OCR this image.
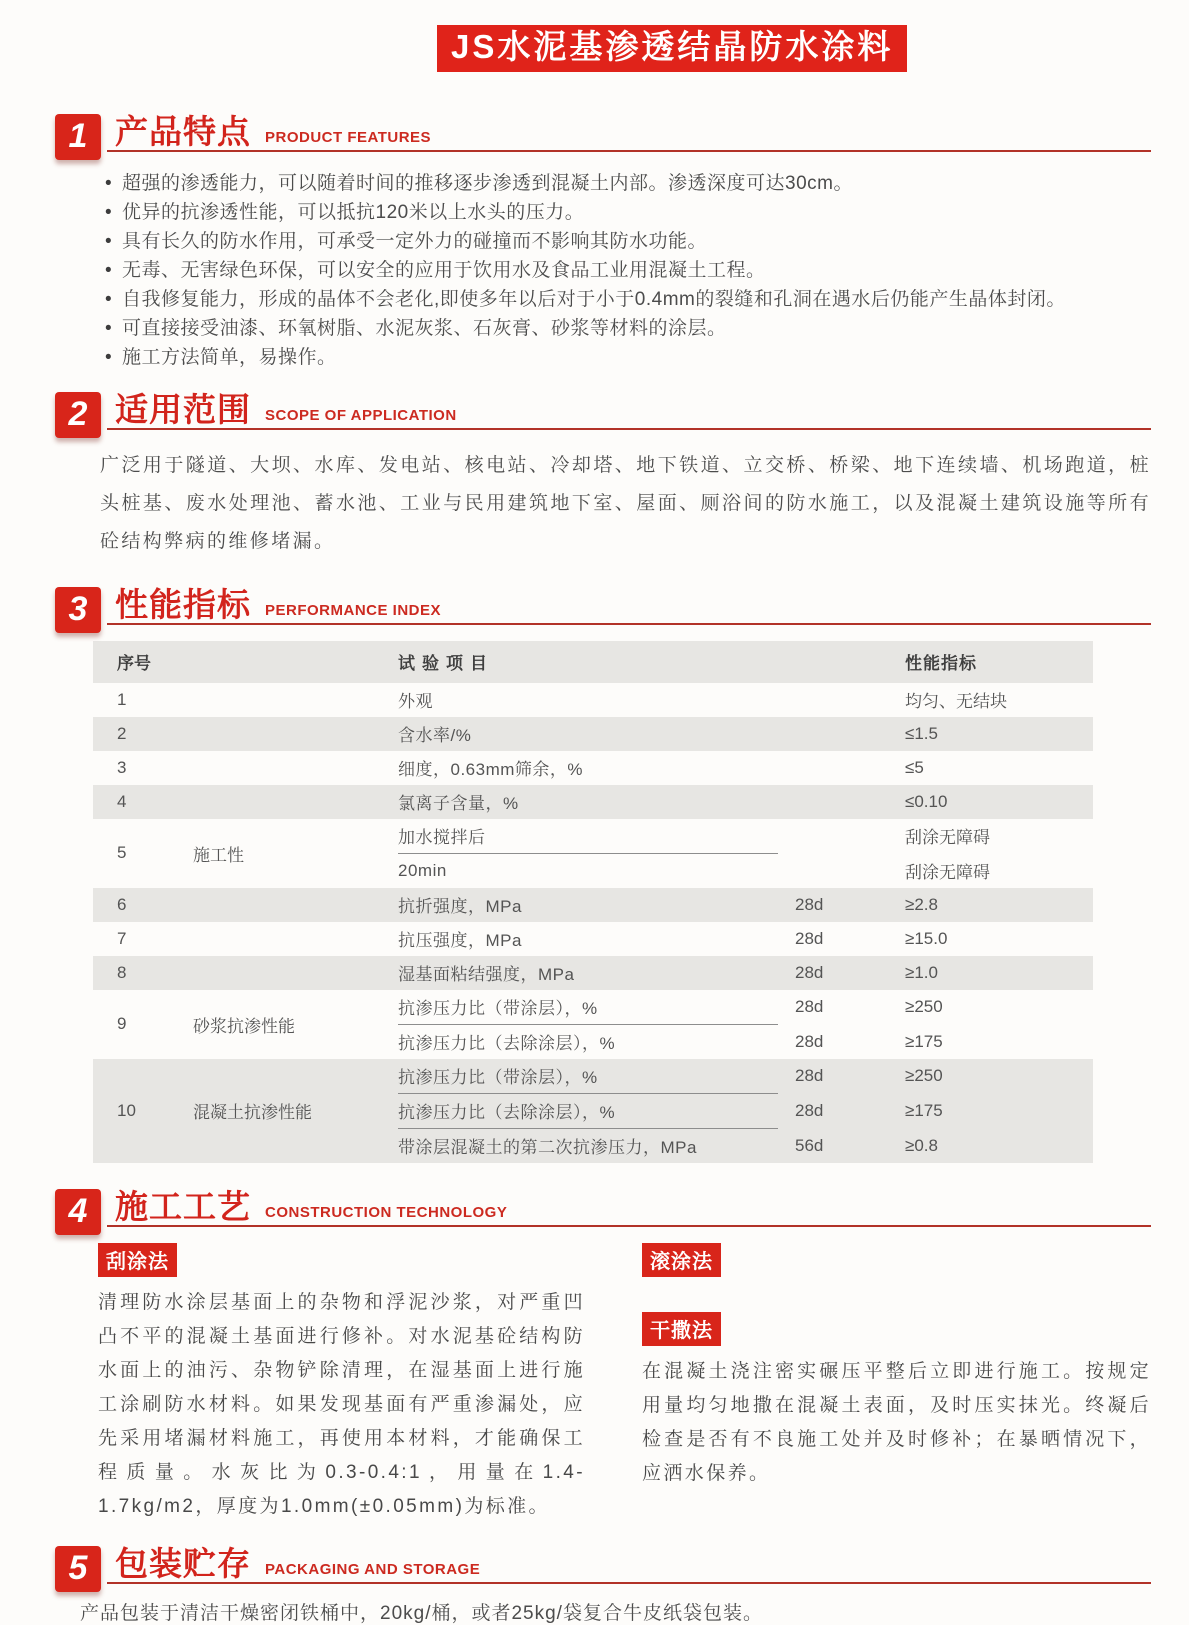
JS水泥基渗透结晶防水涂料
1 产品特点 PRODUCT FEATURES
• 超强的渗透能力，可以随着时间的推移逐步渗透到混凝土内部。渗透深度可达30cm。
• 优异的抗渗透性能，可以抵抗120米以上水头的压力。
• 具有长久的防水作用，可承受一定外力的碰撞而不影响其防水功能。
• 无毒、无害绿色环保，可以安全的应用于饮用水及食品工业用混凝土工程。
• 自我修复能力，形成的晶体不会老化,即使多年以后对于小于0.4mm的裂缝和孔洞在遇水后仍能产生晶体封闭。
• 可直接接受油漆、环氧树脂、水泥灰浆、石灰膏、砂浆等材料的涂层。
• 施工方法简单，易操作。
2 适用范围 SCOPE OF APPLICATION

广泛用于隧道、大坝、水库、发电站、核电站、冷却塔、地下铁道、立交桥、桥梁、地下连续墙、机场跑道，桩头桩基、废水处理池、蓄水池、工业与民用建筑地下室、屋面、厕浴间的防水施工，以及混凝土建筑设施等所有砼结构弊病的维修堵漏。

3 性能指标 PERFORMANCE INDEX
序号	试验项目	性能指标
1	外观	均匀、无结块
2	含水率/%	≤1.5
3	细度，0.63mm筛余，%	≤5
4	氯离子含量，%	≤0.10
5	施工性
加水搅拌后	刮涂无障碍
20min	刮涂无障碍
6	抗折强度，MPa	28d	≥2.8
7	抗压强度，MPa	28d	≥15.0
8	湿基面粘结强度，MPa	28d	≥1.0
9	砂浆抗渗性能
抗渗压力比（带涂层），%	28d	≥250
抗渗压力比（去除涂层），%	28d	≥175
10	混凝土抗渗性能
抗渗压力比（带涂层），%	28d	≥250
抗渗压力比（去除涂层），%	28d	≥175
带涂层混凝土的第二次抗渗压力，MPa	56d	≥0.8
4 施工工艺 CONSTRUCTION TECHNOLOGY
刮涂法

清理防水涂层基面上的杂物和浮泥沙浆，对严重凹凸不平的混凝土基面进行修补。对水泥基砼结构防水面上的油污、杂物铲除清理，在湿基面上进行施工涂刷防水材料。如果发现基面有严重渗漏处，应先采用堵漏材料施工，再使用本材料，才能确保工程质量。水灰比为0.3-0.4:1，用量在1.4-1.7kg/m2，厚度为1.0mm(±0.05mm)为标准。

滚涂法
干撒法

在混凝土浇注密实碾压平整后立即进行施工。按规定用量均匀地撒在混凝土表面，及时压实抹光。终凝后检查是否有不良施工处并及时修补；在暴晒情况下，应洒水保养。

5 包装贮存 PACKAGING AND STORAGE

产品包装于清洁干燥密闭铁桶中，20kg/桶，或者25kg/袋复合牛皮纸袋包装。
